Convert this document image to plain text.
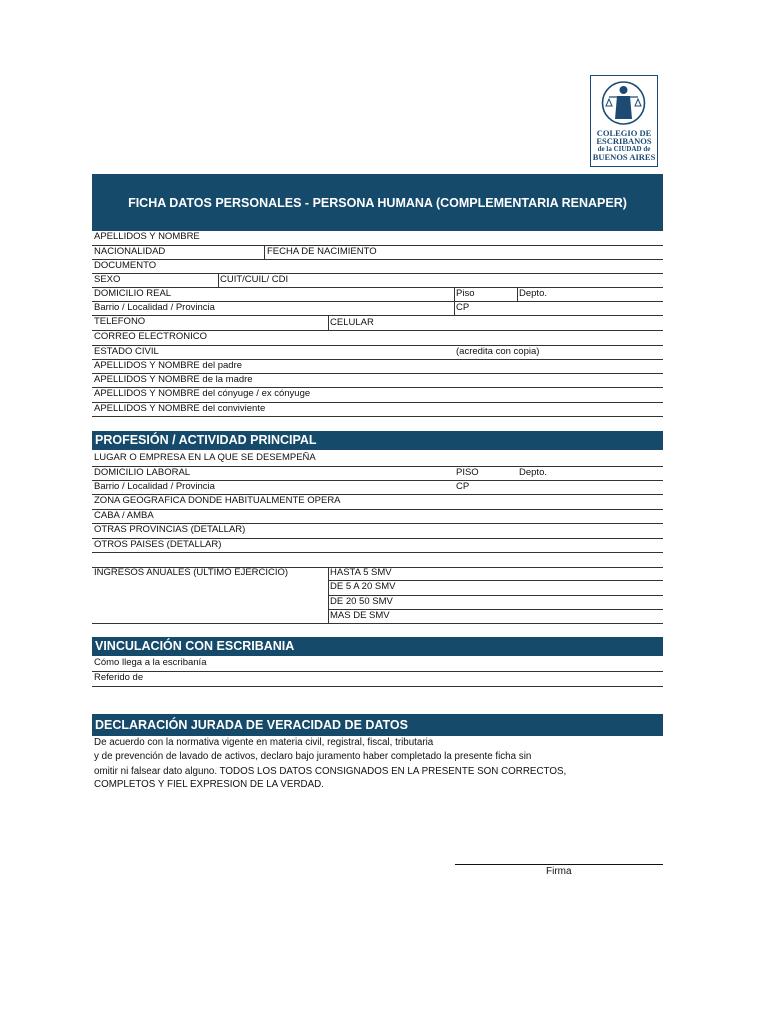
COLEGIO DE
ESCRIBANOS
de la CIUDAD de
BUENOS AIRES
FICHA DATOS PERSONALES - PERSONA HUMANA (COMPLEMENTARIA RENAPER)
APELLIDOS Y NOMBRE
NACIONALIDAD	FECHA DE NACIMIENTO
DOCUMENTO
SEXO	CUIT/CUIL/ CDI
DOMICILIO REAL	Piso	Depto.
Barrio / Localidad / Provincia	CP
TELEFONO	CELULAR
CORREO ELECTRONICO
ESTADO CIVIL	(acredita con copia)
APELLIDOS Y NOMBRE del padre
APELLIDOS Y NOMBRE de la madre
APELLIDOS Y NOMBRE del cónyuge / ex cónyuge
APELLIDOS Y NOMBRE del conviviente
PROFESIÓN / ACTIVIDAD PRINCIPAL
LUGAR O EMPRESA EN LA QUE SE DESEMPEÑA
DOMICILIO LABORAL	PISO	Depto.
Barrio / Localidad / Provincia	CP
ZONA GEOGRAFICA DONDE HABITUALMENTE OPERA
CABA / AMBA
OTRAS PROVINCIAS (DETALLAR)
OTROS PAISES (DETALLAR)
INGRESOS ANUALES (ULTIMO EJERCICIO)	HASTA 5 SMV
DE 5 A 20 SMV
DE 20 50 SMV
MAS DE SMV
VINCULACIÓN CON ESCRIBANIA
Cómo llega a la escribanía
Referido de
DECLARACIÓN JURADA DE VERACIDAD DE DATOS
De acuerdo con la normativa vigente en materia civil, registral, fiscal, tributaria
y de prevención de lavado de activos, declaro bajo juramento haber completado la presente ficha sin
omitir ni falsear dato alguno. TODOS LOS DATOS CONSIGNADOS EN LA PRESENTE SON CORRECTOS,
COMPLETOS Y FIEL EXPRESION DE LA VERDAD.
Firma
